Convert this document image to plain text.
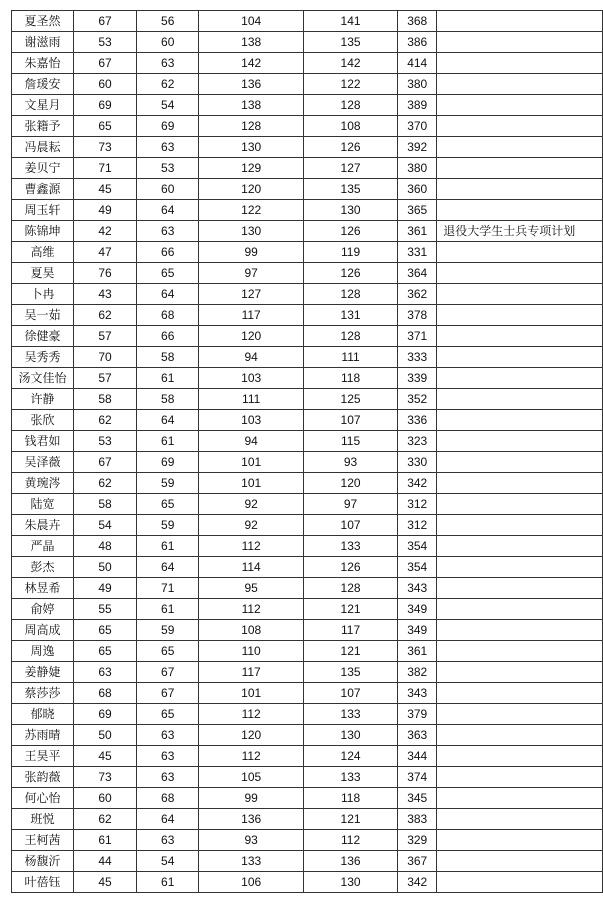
夏圣然	67	56	104	141	368	
谢滋雨	53	60	138	135	386	
朱嘉怡	67	63	142	142	414	
詹瑗安	60	62	136	122	380	
文星月	69	54	138	128	389	
张籍予	65	69	128	108	370	
冯晨耘	73	63	130	126	392	
姜贝宁	71	53	129	127	380	
曹鑫源	45	60	120	135	360	
周玉轩	49	64	122	130	365	
陈锦坤	42	63	130	126	361	退役大学生士兵专项计划
高维	47	66	99	119	331	
夏昊	76	65	97	126	364	
卜冉	43	64	127	128	362	
吴一茹	62	68	117	131	378	
徐健豪	57	66	120	128	371	
吴秀秀	70	58	94	111	333	
汤文佳怡	57	61	103	118	339	
许静	58	58	111	125	352	
张欣	62	64	103	107	336	
钱君如	53	61	94	115	323	
吴泽薇	67	69	101	93	330	
黄琬涔	62	59	101	120	342	
陆宽	58	65	92	97	312	
朱晨卉	54	59	92	107	312	
严晶	48	61	112	133	354	
彭杰	50	64	114	126	354	
林昱希	49	71	95	128	343	
俞婷	55	61	112	121	349	
周高成	65	59	108	117	349	
周逸	65	65	110	121	361	
姜静婕	63	67	117	135	382	
蔡莎莎	68	67	101	107	343	
郁晓	69	65	112	133	379	
苏雨晴	50	63	120	130	363	
王昊平	45	63	112	124	344	
张韵薇	73	63	105	133	374	
何心怡	60	68	99	118	345	
班悦	62	64	136	121	383	
王柯茜	61	63	93	112	329	
杨馥沂	44	54	133	136	367	
叶蓓钰	45	61	106	130	342	
